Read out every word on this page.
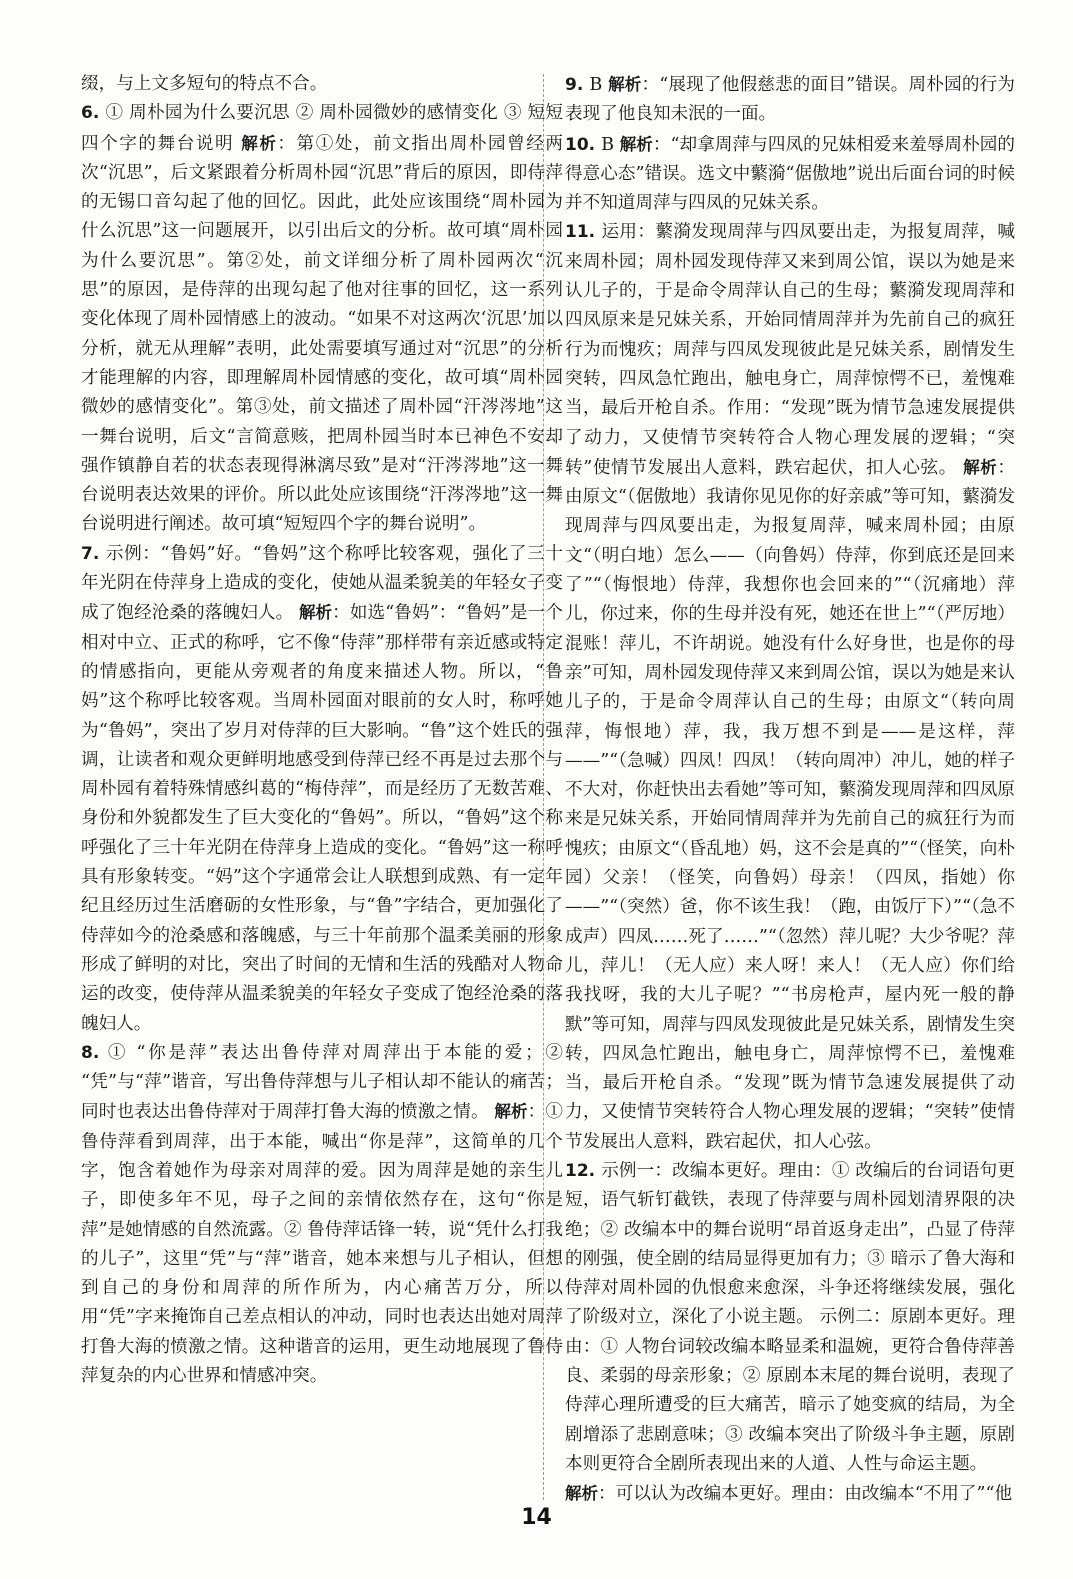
缀，与上文多短句的特点不合。

6. ① 周朴园为什么要沉思 ② 周朴园微妙的感情变化 ③ 短短四个字的舞台说明 解析：第①处，前文指出周朴园曾经两次“沉思”，后文紧跟着分析周朴园“沉思”背后的原因，即侍萍的无锡口音勾起了他的回忆。因此，此处应该围绕“周朴园为什么沉思”这一问题展开，以引出后文的分析。故可填“周朴园为什么要沉思”。第②处，前文详细分析了周朴园两次“沉思”的原因，是侍萍的出现勾起了他对往事的回忆，这一系列变化体现了周朴园情感上的波动。“如果不对这两次‘沉思’加以分析，就无从理解”表明，此处需要填写通过对“沉思”的分析才能理解的内容，即理解周朴园情感的变化，故可填“周朴园微妙的感情变化”。第③处，前文描述了周朴园“汗涔涔地”这一舞台说明，后文“言简意赅，把周朴园当时本已神色不安却强作镇静自若的状态表现得淋漓尽致”是对“汗涔涔地”这一舞台说明表达效果的评价。所以此处应该围绕“汗涔涔地”这一舞台说明进行阐述。故可填“短短四个字的舞台说明”。

7. 示例：“鲁妈”好。“鲁妈”这个称呼比较客观，强化了三十年光阴在侍萍身上造成的变化，使她从温柔貌美的年轻女子变成了饱经沧桑的落魄妇人。 解析：如选“鲁妈”：“鲁妈”是一个相对中立、正式的称呼，它不像“侍萍”那样带有亲近感或特定的情感指向，更能从旁观者的角度来描述人物。所以，“鲁妈”这个称呼比较客观。当周朴园面对眼前的女人时，称呼她为“鲁妈”，突出了岁月对侍萍的巨大影响。“鲁”这个姓氏的强调，让读者和观众更鲜明地感受到侍萍已经不再是过去那个与周朴园有着特殊情感纠葛的“梅侍萍”，而是经历了无数苦难、身份和外貌都发生了巨大变化的“鲁妈”。所以，“鲁妈”这个称呼强化了三十年光阴在侍萍身上造成的变化。“鲁妈”这一称呼具有形象转变。“妈”这个字通常会让人联想到成熟、有一定年纪且经历过生活磨砺的女性形象，与“鲁”字结合，更加强化了侍萍如今的沧桑感和落魄感，与三十年前那个温柔美丽的形象形成了鲜明的对比，突出了时间的无情和生活的残酷对人物命运的改变，使侍萍从温柔貌美的年轻女子变成了饱经沧桑的落魄妇人。

8. ① “你是萍”表达出鲁侍萍对周萍出于本能的爱；② “凭”与“萍”谐音，写出鲁侍萍想与儿子相认却不能认的痛苦；同时也表达出鲁侍萍对于周萍打鲁大海的愤激之情。 解析：① 鲁侍萍看到周萍，出于本能，喊出“你是萍”，这简单的几个字，饱含着她作为母亲对周萍的爱。因为周萍是她的亲生儿子，即使多年不见，母子之间的亲情依然存在，这句“你是萍”是她情感的自然流露。② 鲁侍萍话锋一转，说“凭什么打我的儿子”，这里“凭”与“萍”谐音，她本来想与儿子相认，但想到自己的身份和周萍的所作所为，内心痛苦万分，所以用“凭”字来掩饰自己差点相认的冲动，同时也表达出她对周萍打鲁大海的愤激之情。这种谐音的运用，更生动地展现了鲁侍萍复杂的内心世界和情感冲突。

9. B 解析：“展现了他假慈悲的面目”错误。周朴园的行为表现了他良知未泯的一面。

10. B 解析：“却拿周萍与四凤的兄妹相爱来羞辱周朴园的得意心态”错误。选文中蘩漪“倨傲地”说出后面台词的时候并不知道周萍与四凤的兄妹关系。

11. 运用：蘩漪发现周萍与四凤要出走，为报复周萍，喊来周朴园；周朴园发现侍萍又来到周公馆，误以为她是来认儿子的，于是命令周萍认自己的生母；蘩漪发现周萍和四凤原来是兄妹关系，开始同情周萍并为先前自己的疯狂行为而愧疚；周萍与四凤发现彼此是兄妹关系，剧情发生突转，四凤急忙跑出，触电身亡，周萍惊愕不已，羞愧难当，最后开枪自杀。作用：“发现”既为情节急速发展提供了动力，又使情节突转符合人物心理发展的逻辑；“突转”使情节发展出人意料，跌宕起伏，扣人心弦。 解析：由原文“（倨傲地）我请你见见你的好亲戚”等可知，蘩漪发现周萍与四凤要出走，为报复周萍，喊来周朴园；由原文“（明白地）怎么——（向鲁妈）侍萍，你到底还是回来了”“（悔恨地）侍萍，我想你也会回来的”“（沉痛地）萍儿，你过来，你的生母并没有死，她还在世上”“（严厉地）混账！萍儿，不许胡说。她没有什么好身世，也是你的母亲”可知，周朴园发现侍萍又来到周公馆，误以为她是来认儿子的，于是命令周萍认自己的生母；由原文“（转向周萍，悔恨地）萍，我，我万想不到是——是这样，萍——”“（急喊）四凤！四凤！（转向周冲）冲儿，她的样子不大对，你赶快出去看她”等可知，蘩漪发现周萍和四凤原来是兄妹关系，开始同情周萍并为先前自己的疯狂行为而愧疚；由原文“（昏乱地）妈，这不会是真的”“（怪笑，向朴园）父亲！（怪笑，向鲁妈）母亲！（四凤，指她）你——”“（突然）爸，你不该生我！（跑，由饭厅下）”“（急不成声）四凤……死了……”“（忽然）萍儿呢？大少爷呢？萍儿，萍儿！（无人应）来人呀！来人！（无人应）你们给我找呀，我的大儿子呢？”“书房枪声，屋内死一般的静默”等可知，周萍与四凤发现彼此是兄妹关系，剧情发生突转，四凤急忙跑出，触电身亡，周萍惊愕不已，羞愧难当，最后开枪自杀。“发现”既为情节急速发展提供了动力，又使情节突转符合人物心理发展的逻辑；“突转”使情节发展出人意料，跌宕起伏，扣人心弦。

12. 示例一：改编本更好。理由：① 改编后的台词语句更短，语气斩钉截铁，表现了侍萍要与周朴园划清界限的决绝；② 改编本中的舞台说明“昂首返身走出”，凸显了侍萍的刚强，使全剧的结局显得更加有力；③ 暗示了鲁大海和侍萍对周朴园的仇恨愈来愈深，斗争还将继续发展，强化了阶级对立，深化了小说主题。 示例二：原剧本更好。理由：① 人物台词较改编本略显柔和温婉，更符合鲁侍萍善良、柔弱的母亲形象；② 原剧本末尾的舞台说明，表现了侍萍心理所遭受的巨大痛苦，暗示了她变疯的结局，为全剧增添了悲剧意味；③ 改编本突出了阶级斗争主题，原剧本则更符合全剧所表现出来的人道、人性与命运主题。

解析：可以认为改编本更好。理由：由改编本“不用了”“他

14
